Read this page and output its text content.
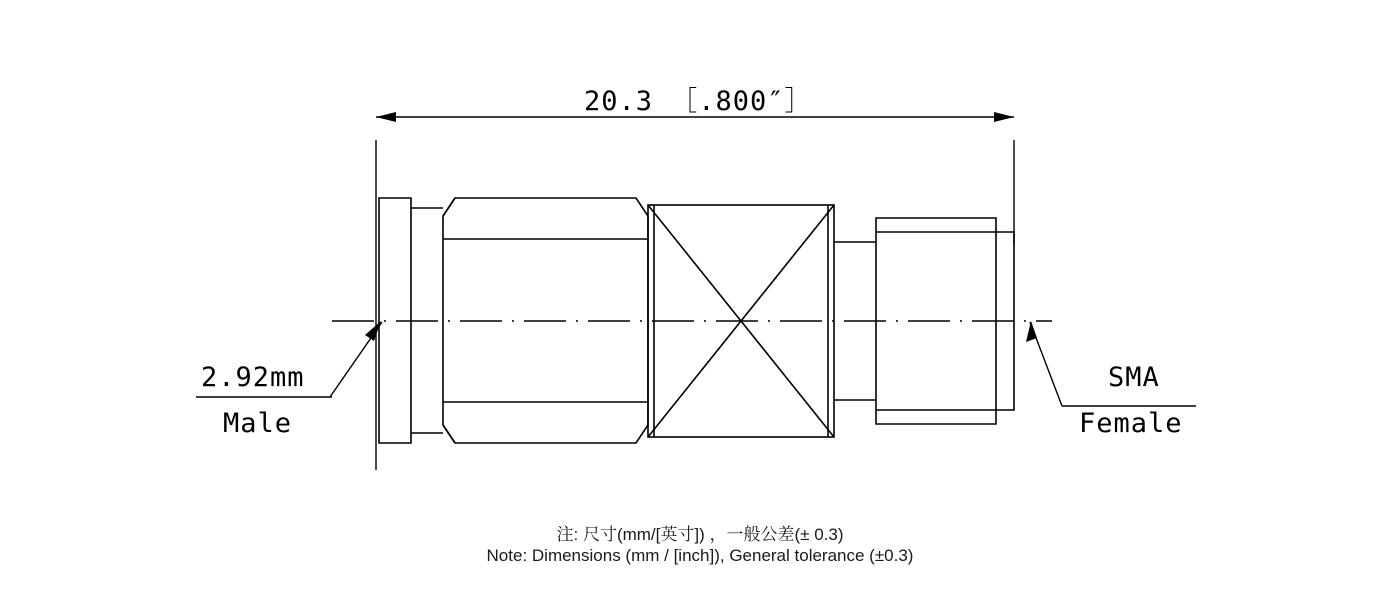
20.3 ［.800″］
2.92mm
Male
SMA
Female
注: 尺寸(mm/[英寸]) ，一般公差(± 0.3)
Note: Dimensions (mm / [inch]), General tolerance (±0.3)
